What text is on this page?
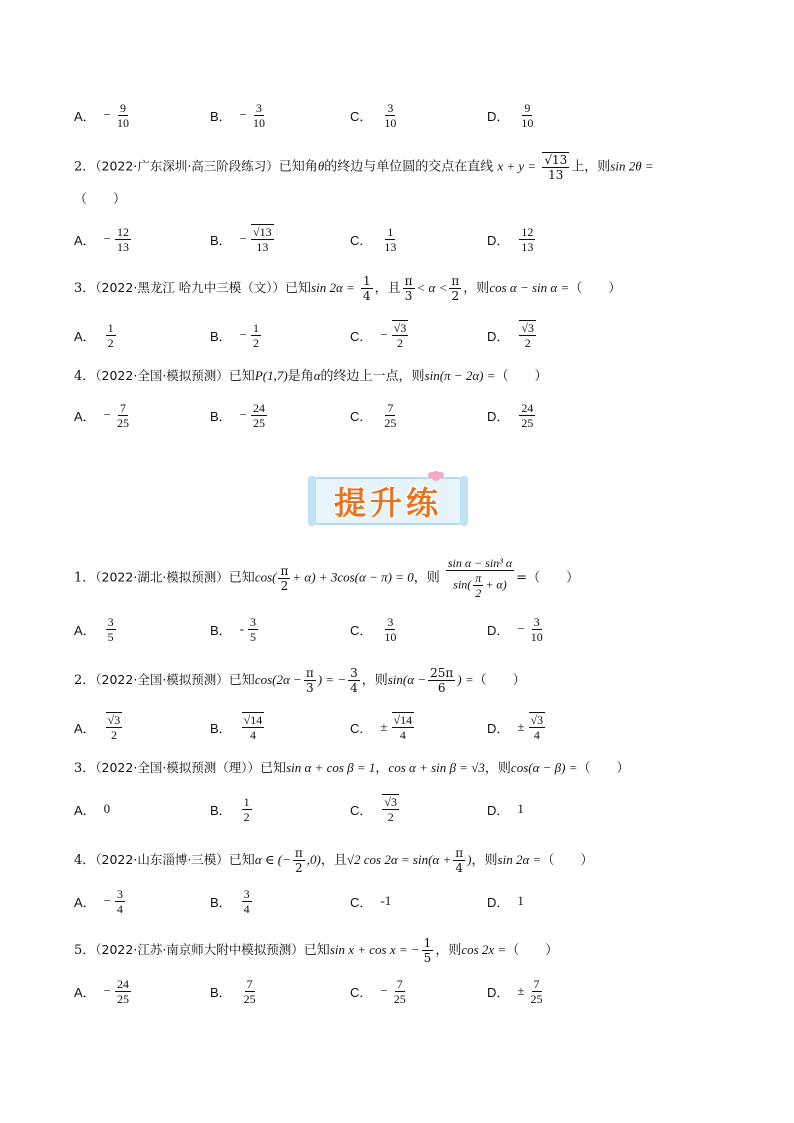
A． − $\frac{9}{10}$	B． − $\frac{3}{10}$	C． $\frac{3}{10}$	D． $\frac{9}{10}$
2．（2022·广东深圳·高三阶段练习）已知角θ的终边与单位圆的交点在直线 $x + y = \frac{√13}{13}$ 上，则sin 2θ =
（　　）
A． − $\frac{12}{13}$	B． − $\frac{√13}{13}$	C． $\frac{1}{13}$	D． $\frac{12}{13}$
3．（2022·黑龙江 哈九中三模（文））已知$\sin 2\alpha = \frac{1}{4}$ ，且 $\frac{\pi}{3} < \alpha < \frac{\pi}{2}$ ，则cos α − sin α =（　　）
A． $\frac{1}{2}$	B． − $\frac{1}{2}$	C． − $\frac{√3}{2}$	D． $\frac{√3}{2}$
4．（2022·全国·模拟预测）已知P(1,7)是角α的终边上一点，则sin(π − 2α) =（　　）
A． − $\frac{7}{25}$	B． − $\frac{24}{25}$	C． $\frac{7}{25}$	D． $\frac{24}{25}$
提升练
1．（2022·湖北·模拟预测）已知$\cos( \frac{\pi}{2} + \alpha) + 3\cos(\alpha - \pi) = 0$，则 $\frac{\text{sin α − sin³ α}}{\sin( \frac{\pi}{2} + \alpha)}$ =（　　）
A． $\frac{3}{5}$	B． - $\frac{3}{5}$	C． $\frac{3}{10}$	D． − $\frac{3}{10}$
2．（2022·全国·模拟预测）已知$\cos(2\alpha - \frac{\pi}{3}$ ) = − $\frac{3}{4}$ ，则$\sin(\alpha - \frac{25\pi}{6}$ ) =（　　）
A． $\frac{√3}{2}$	B． $\frac{√14}{4}$	C． ± $\frac{√14}{4}$	D． ± $\frac{√3}{4}$
3．（2022·全国·模拟预测（理））已知sin α + cos β = 1，cos α + sin β = √3，则cos(α − β) =（　　）
A． 0	B． $\frac{1}{2}$	C． $\frac{√3}{2}$	D． 1
4．（2022·山东淄博·三模）已知α ∈ (− $\frac{\pi}{2} ,0$)，且√2 $\cos 2\alpha = \sin(\alpha + \frac{\pi}{4}$ )，则sin 2α =（　　）
A． − $\frac{3}{4}$	B． $\frac{3}{4}$	C． -1	D． 1
5．（2022·江苏·南京师大附中模拟预测）已知sin x + cos x = − $\frac{1}{5}$ ，则cos 2x =（　　）
A． − $\frac{24}{25}$	B． $\frac{7}{25}$	C． − $\frac{7}{25}$	D． ± $\frac{7}{25}$
